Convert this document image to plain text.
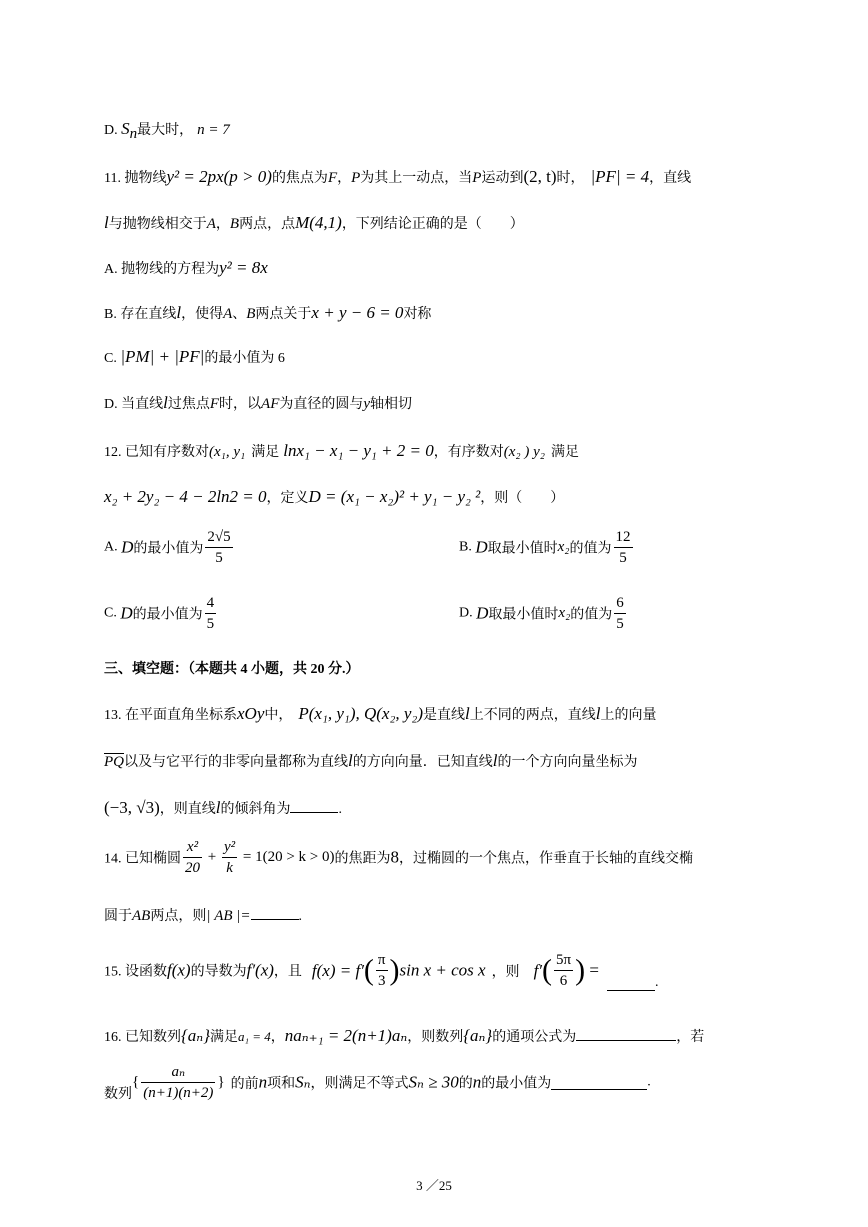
D. $S_n$最大时， n = 7
11. 抛物线y² = 2px(p > 0)的焦点为F，P为其上一动点，当P运动到(2, t)时， |PF| = 4，直线
l与抛物线相交于A，B两点，点M(4,1)，下列结论正确的是（　　）
A. 抛物线的方程为y² = 8x
B. 存在直线l，使得A、B两点关于x + y − 6 = 0对称
C. |PM| + |PF|的最小值为 6
D. 当直线l过焦点F时，以AF为直径的圆与y轴相切
12. 已知有序数对(x₁, y₁ 满足 lnx₁ − x₁ − y₁ + 2 = 0，有序数对(x₂ ) y₂ 满足
x₂ + 2y₂ − 4 − 2ln2 = 0，定义D = (x₁ − x₂)² + y₁ − y₂ ²，则（　　）
A. D的最小值为 $\frac{2√5}{5}$	B. D取最小值时x₂的值为 $\frac{12}{5}$
C. D的最小值为 $\frac{4}{5}$	D. D取最小值时x₂的值为 $\frac{6}{5}$
三、填空题：（本题共 4 小题，共 20 分.）
13. 在平面直角坐标系xOy中， P(x₁, y₁), Q(x₂, y₂)是直线l上不同的两点，直线l上的向量
PQ以及与它平行的非零向量都称为直线l的方向向量．已知直线l的一个方向向量坐标为
(−3, √3)，则直线l的倾斜角为	.
14. 已知椭圆 $\frac{\text{x²}}{20} + \frac{\text{y²}}{k} = 1(20 > k > 0)$的焦距为8，过椭圆的一个焦点，作垂直于长轴的直线交椭
圆于AB两点，则| AB |=	.
15. 设函数f(x)的导数为f′(x)，且 $f(x) = f'( \frac{\pi}{3} )\sin$ x + cos x ，则 $f'( \frac{5\pi}{6}$ ) =.
16. 已知数列{aₙ}满足a₁ = 4，naₙ₊₁ = 2(n+1)aₙ，则数列{aₙ}的通项公式为	，若
数列{ $\frac{\text{aₙ}}{(n+1)(n+2)}$ } 的前n项和Sₙ，则满足不等式Sₙ ≥ 30的n的最小值为	.
3 ／25
